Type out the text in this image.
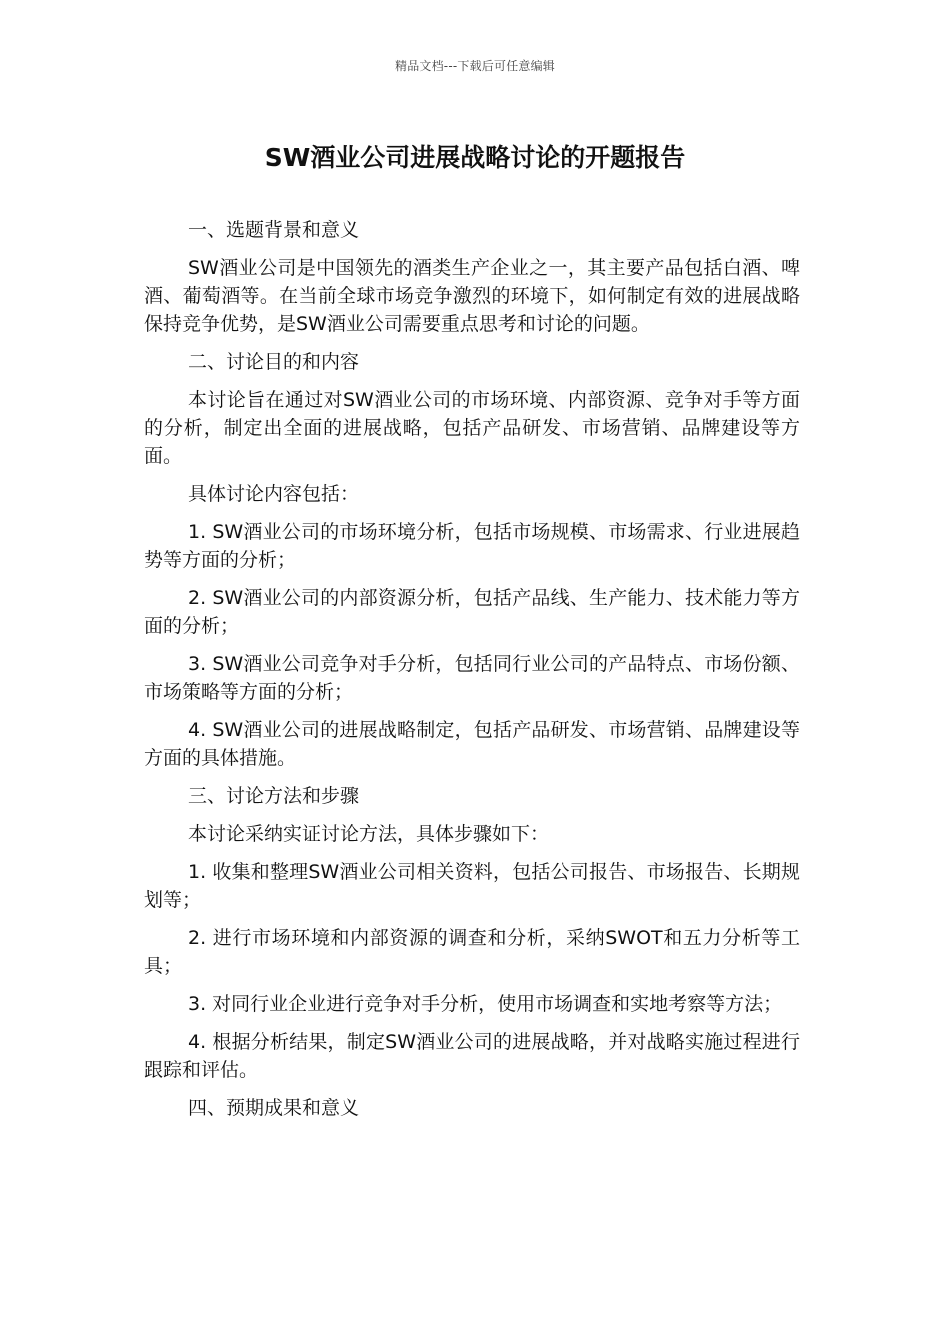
精品文档---下载后可任意编辑
SW酒业公司进展战略讨论的开题报告

一、选题背景和意义

SW酒业公司是中国领先的酒类生产企业之一，其主要产品包括白酒、啤酒、葡萄酒等。在当前全球市场竞争激烈的环境下，如何制定有效的进展战略保持竞争优势，是SW酒业公司需要重点思考和讨论的问题。

二、讨论目的和内容

本讨论旨在通过对SW酒业公司的市场环境、内部资源、竞争对手等方面的分析，制定出全面的进展战略，包括产品研发、市场营销、品牌建设等方面。

具体讨论内容包括：

1. SW酒业公司的市场环境分析，包括市场规模、市场需求、行业进展趋势等方面的分析；

2. SW酒业公司的内部资源分析，包括产品线、生产能力、技术能力等方面的分析；

3. SW酒业公司竞争对手分析，包括同行业公司的产品特点、市场份额、市场策略等方面的分析；

4. SW酒业公司的进展战略制定，包括产品研发、市场营销、品牌建设等方面的具体措施。

三、讨论方法和步骤

本讨论采纳实证讨论方法，具体步骤如下：

1. 收集和整理SW酒业公司相关资料，包括公司报告、市场报告、长期规划等；

2. 进行市场环境和内部资源的调查和分析，采纳SWOT和五力分析等工具；

3. 对同行业企业进行竞争对手分析，使用市场调查和实地考察等方法；

4. 根据分析结果，制定SW酒业公司的进展战略，并对战略实施过程进行跟踪和评估。

四、预期成果和意义
